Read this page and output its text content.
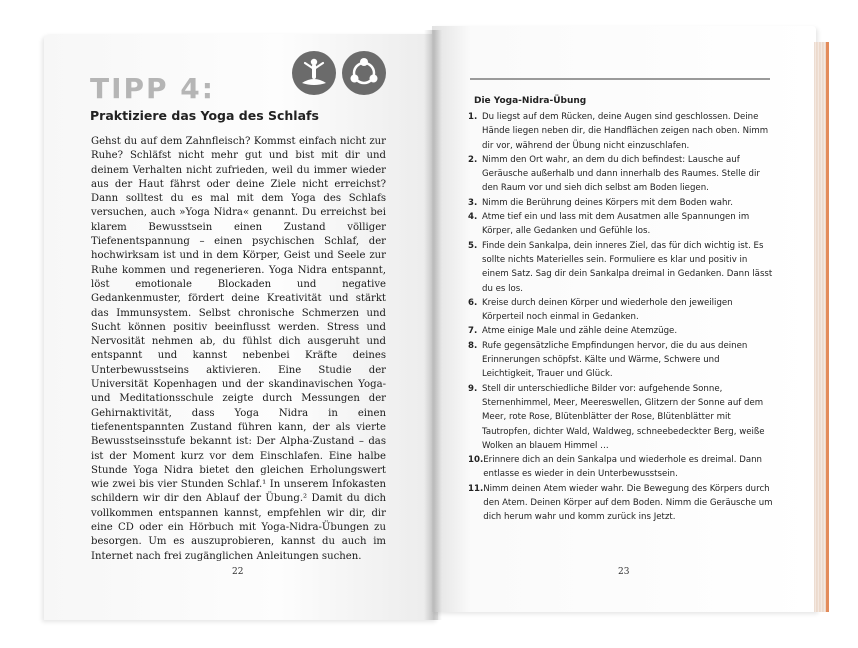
TIPP 4:
Praktiziere das Yoga des Schlafs

Gehst du auf dem Zahnfleisch? Kommst einfach nicht zur Ruhe? Schläfst nicht mehr gut und bist mit dir und deinem Verhalten nicht zufrieden, weil du immer wieder aus der Haut fährst oder deine Ziele nicht erreichst? Dann solltest du es mal mit dem Yoga des Schlafs versuchen, auch »Yoga Nidra« genannt. Du erreichst bei klarem Bewusstsein einen Zustand völliger Tiefenentspannung – einen psychischen Schlaf, der hochwirksam ist und in dem Körper, Geist und Seele zur Ruhe kommen und regenerieren. Yoga Nidra entspannt, löst emotionale Blockaden und negative Gedankenmuster, fördert deine Kreativität und stärkt das Immunsystem. Selbst chronische Schmerzen und Sucht können positiv beeinflusst werden. Stress und Nervosität nehmen ab, du fühlst dich ausgeruht und entspannt und kannst nebenbei Kräfte deines Unterbewusstseins aktivieren. Eine Studie der Universität Kopenhagen und der skandinavischen Yoga- und Meditationsschule zeigte durch Messungen der Gehirnaktivität, dass Yoga Nidra in einen tiefenentspannten Zustand führen kann, der als vierte Bewusstseinsstufe bekannt ist: Der Alpha-Zustand – das ist der Moment kurz vor dem Einschlafen. Eine halbe Stunde Yoga Nidra bietet den gleichen Erholungswert wie zwei bis vier Stunden Schlaf.¹ In unserem Infokasten schildern wir dir den Ablauf der Übung.² Damit du dich vollkommen entspannen kannst, empfehlen wir dir, dir eine CD oder ein Hörbuch mit Yoga-Nidra-Übungen zu besorgen. Um es auszuprobieren, kannst du auch im Internet nach frei zugänglichen Anleitungen suchen.

22
Die Yoga-Nidra-Übung
1. Du liegst auf dem Rücken, deine Augen sind geschlossen. Deine Hände liegen neben dir, die Handflächen zeigen nach oben. Nimm dir vor, während der Übung nicht einzuschlafen.
2. Nimm den Ort wahr, an dem du dich befindest: Lausche auf Geräusche außerhalb und dann innerhalb des Raumes. Stelle dir den Raum vor und sieh dich selbst am Boden liegen.
3. Nimm die Berührung deines Körpers mit dem Boden wahr.
4. Atme tief ein und lass mit dem Ausatmen alle Spannungen im Körper, alle Gedanken und Gefühle los.
5. Finde dein Sankalpa, dein inneres Ziel, das für dich wichtig ist. Es sollte nichts Materielles sein. Formuliere es klar und positiv in einem Satz. Sag dir dein Sankalpa dreimal in Gedanken. Dann lässt du es los.
6. Kreise durch deinen Körper und wiederhole den jeweiligen Körperteil noch einmal in Gedanken.
7. Atme einige Male und zähle deine Atemzüge.
8. Rufe gegensätzliche Empfindungen hervor, die du aus deinen Erinnerungen schöpfst. Kälte und Wärme, Schwere und Leichtigkeit, Trauer und Glück.
9. Stell dir unterschiedliche Bilder vor: aufgehende Sonne, Sternenhimmel, Meer, Meereswellen, Glitzern der Sonne auf dem Meer, rote Rose, Blütenblätter der Rose, Blütenblätter mit Tautropfen, dichter Wald, Waldweg, schneebedeckter Berg, weiße Wolken an blauem Himmel …
10. Erinnere dich an dein Sankalpa und wiederhole es dreimal. Dann entlasse es wieder in dein Unterbewusstsein.
11. Nimm deinen Atem wieder wahr. Die Bewegung des Körpers durch den Atem. Deinen Körper auf dem Boden. Nimm die Geräusche um dich herum wahr und komm zurück ins Jetzt.
23
